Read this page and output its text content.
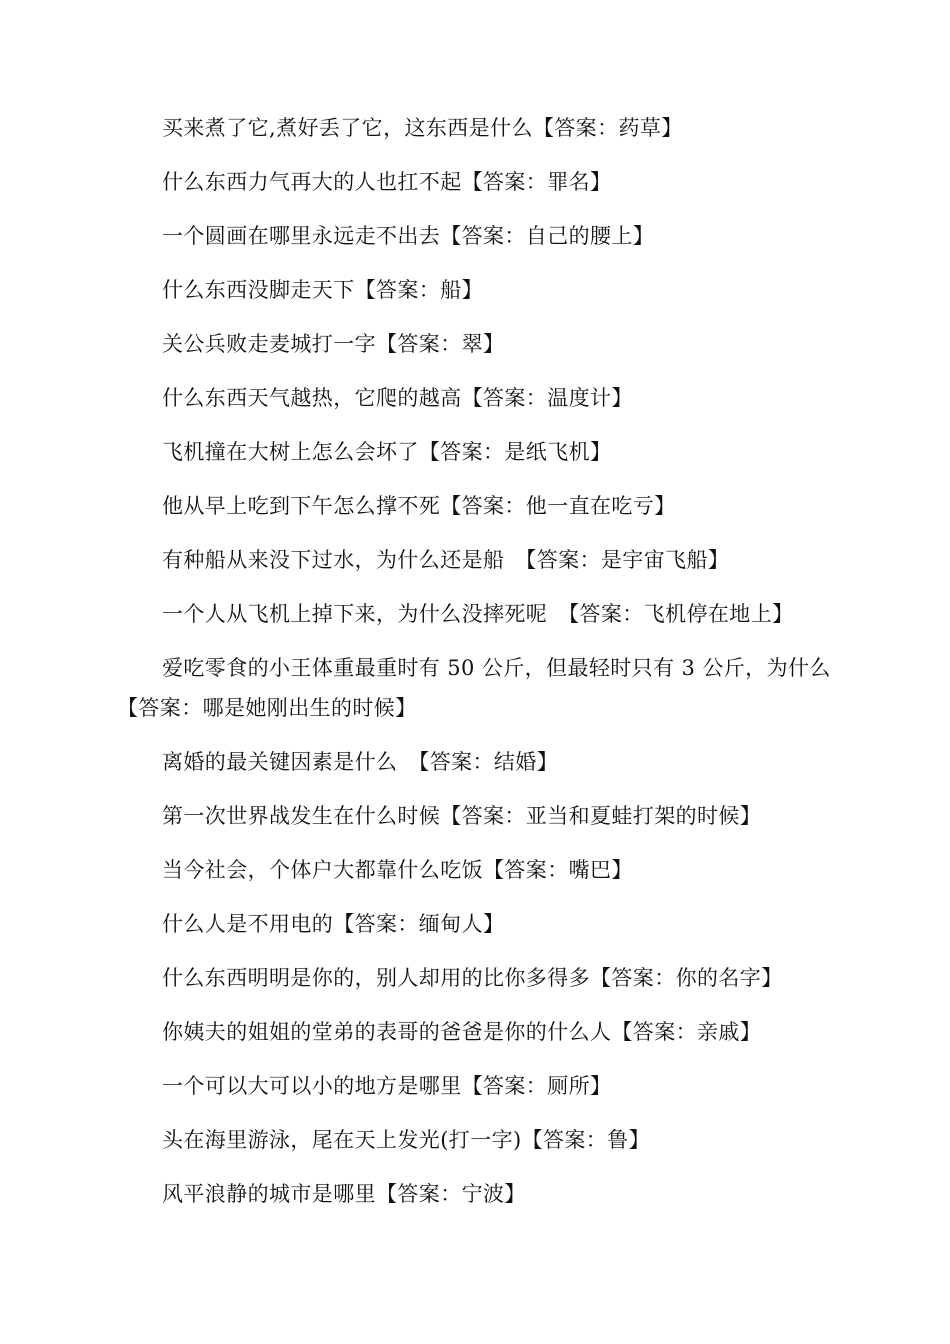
买来煮了它,煮好丢了它，这东西是什么【答案：药草】
什么东西力气再大的人也扛不起【答案：罪名】
一个圆画在哪里永远走不出去【答案：自己的腰上】
什么东西没脚走天下【答案：船】
关公兵败走麦城打一字【答案：翠】
什么东西天气越热，它爬的越高【答案：温度计】
飞机撞在大树上怎么会坏了【答案：是纸飞机】
他从早上吃到下午怎么撑不死【答案：他一直在吃亏】
有种船从来没下过水，为什么还是船　【答案：是宇宙飞船】
一个人从飞机上掉下来，为什么没摔死呢　【答案：飞机停在地上】
爱吃零食的小王体重最重时有 50 公斤，但最轻时只有 3 公斤，为什么 【答案：哪是她刚出生的时候】
离婚的最关键因素是什么　【答案：结婚】
第一次世界战发生在什么时候【答案：亚当和夏蛙打架的时候】
当今社会，个体户大都靠什么吃饭【答案：嘴巴】
什么人是不用电的【答案：缅甸人】
什么东西明明是你的，别人却用的比你多得多【答案：你的名字】
你姨夫的姐姐的堂弟的表哥的爸爸是你的什么人【答案：亲戚】
一个可以大可以小的地方是哪里【答案：厕所】
头在海里游泳，尾在天上发光(打一字)【答案：鲁】
风平浪静的城市是哪里【答案：宁波】
